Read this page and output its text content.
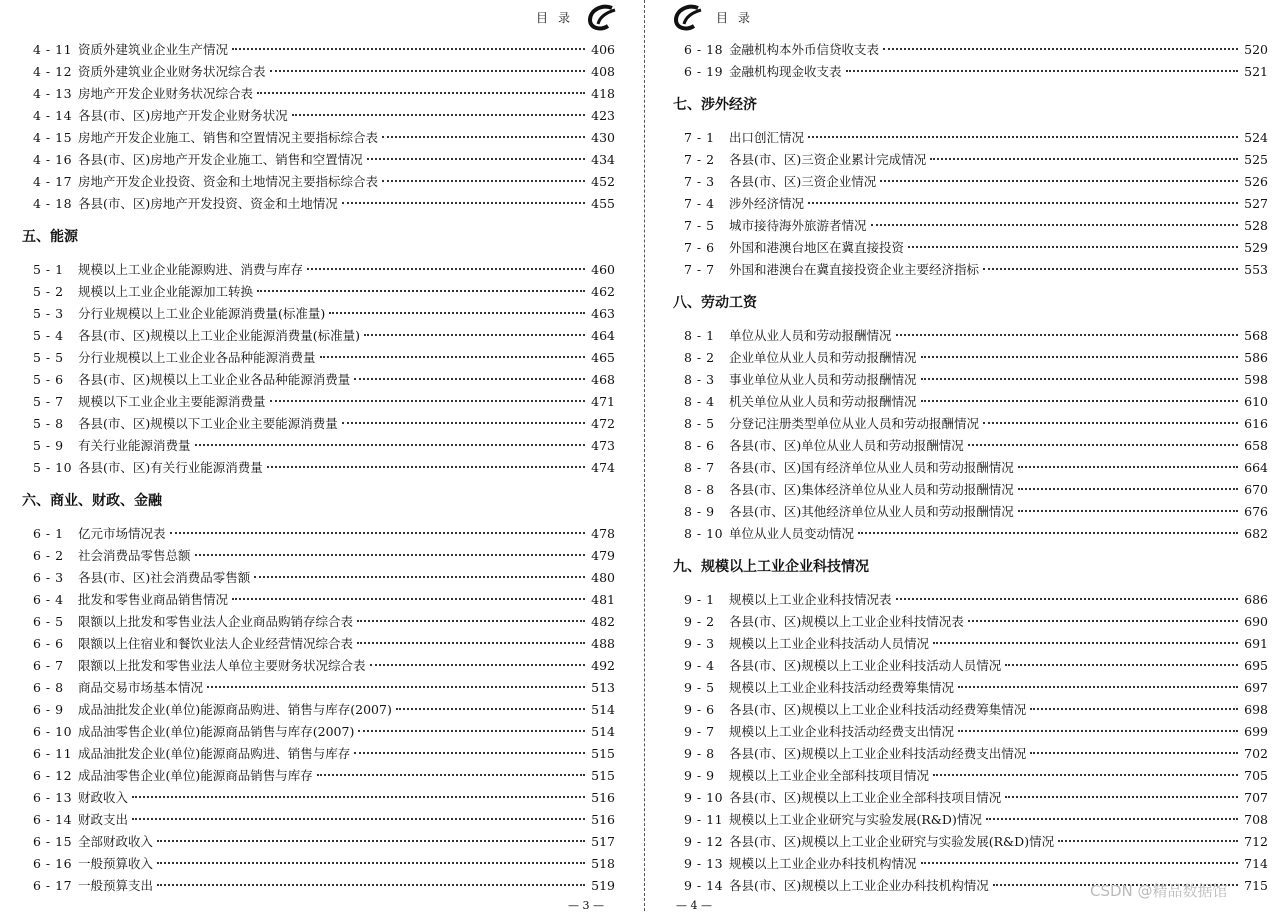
目录
4 - 11 资质外建筑业企业生产情况	406
4 - 12 资质外建筑业企业财务状况综合表	408
4 - 13 房地产开发企业财务状况综合表	418
4 - 14 各县(市、区)房地产开发企业财务状况	423
4 - 15 房地产开发企业施工、销售和空置情况主要指标综合表	430
4 - 16 各县(市、区)房地产开发企业施工、销售和空置情况	434
4 - 17 房地产开发企业投资、资金和土地情况主要指标综合表	452
4 - 18 各县(市、区)房地产开发投资、资金和土地情况	455
五、能源
5 - 1	规模以上工业企业能源购进、消费与库存	460
5 - 2	规模以上工业企业能源加工转换	462
5 - 3	分行业规模以上工业企业能源消费量(标准量)	463
5 - 4	各县(市、区)规模以上工业企业能源消费量(标准量)	464
5 - 5	分行业规模以上工业企业各品种能源消费量	465
5 - 6	各县(市、区)规模以上工业企业各品种能源消费量	468
5 - 7	规模以下工业企业主要能源消费量	471
5 - 8	各县(市、区)规模以下工业企业主要能源消费量	472
5 - 9	有关行业能源消费量	473
5 - 10 各县(市、区)有关行业能源消费量	474
六、商业、财政、金融
6 - 1	亿元市场情况表	478
6 - 2	社会消费品零售总额	479
6 - 3	各县(市、区)社会消费品零售额	480
6 - 4	批发和零售业商品销售情况	481
6 - 5	限额以上批发和零售业法人企业商品购销存综合表	482
6 - 6	限额以上住宿业和餐饮业法人企业经营情况综合表	488
6 - 7	限额以上批发和零售业法人单位主要财务状况综合表	492
6 - 8	商品交易市场基本情况	513
6 - 9	成品油批发企业(单位)能源商品购进、销售与库存(2007)	514
6 - 10 成品油零售企业(单位)能源商品销售与库存(2007)	514
6 - 11 成品油批发企业(单位)能源商品购进、销售与库存	515
6 - 12 成品油零售企业(单位)能源商品销售与库存	515
6 - 13 财政收入	516
6 - 14 财政支出	516
6 - 15 全部财政收入	517
6 - 16 一般预算收入	518
6 - 17 一般预算支出	519
— 3 —
目录
6 - 18 金融机构本外币信贷收支表	520
6 - 19 金融机构现金收支表	521
七、涉外经济
7 - 1	出口创汇情况	524
7 - 2	各县(市、区)三资企业累计完成情况	525
7 - 3	各县(市、区)三资企业情况	526
7 - 4	涉外经济情况	527
7 - 5	城市接待海外旅游者情况	528
7 - 6	外国和港澳台地区在冀直接投资	529
7 - 7	外国和港澳台在冀直接投资企业主要经济指标	553
八、劳动工资
8 - 1	单位从业人员和劳动报酬情况	568
8 - 2	企业单位从业人员和劳动报酬情况	586
8 - 3	事业单位从业人员和劳动报酬情况	598
8 - 4	机关单位从业人员和劳动报酬情况	610
8 - 5	分登记注册类型单位从业人员和劳动报酬情况	616
8 - 6	各县(市、区)单位从业人员和劳动报酬情况	658
8 - 7	各县(市、区)国有经济单位从业人员和劳动报酬情况	664
8 - 8	各县(市、区)集体经济单位从业人员和劳动报酬情况	670
8 - 9	各县(市、区)其他经济单位从业人员和劳动报酬情况	676
8 - 10 单位从业人员变动情况	682
九、规模以上工业企业科技情况
9 - 1	规模以上工业企业科技情况表	686
9 - 2	各县(市、区)规模以上工业企业科技情况表	690
9 - 3	规模以上工业企业科技活动人员情况	691
9 - 4	各县(市、区)规模以上工业企业科技活动人员情况	695
9 - 5	规模以上工业企业科技活动经费筹集情况	697
9 - 6	各县(市、区)规模以上工业企业科技活动经费筹集情况	698
9 - 7	规模以上工业企业科技活动经费支出情况	699
9 - 8	各县(市、区)规模以上工业企业科技活动经费支出情况	702
9 - 9	规模以上工业企业全部科技项目情况	705
9 - 10 各县(市、区)规模以上工业企业全部科技项目情况	707
9 - 11 规模以上工业企业研究与实验发展(R&D)情况	708
9 - 12 各县(市、区)规模以上工业企业研究与实验发展(R&D)情况	712
9 - 13 规模以上工业企业办科技机构情况	714
9 - 14 各县(市、区)规模以上工业企业办科技机构情况	715
— 4 —
CSDN @精品数据馆
